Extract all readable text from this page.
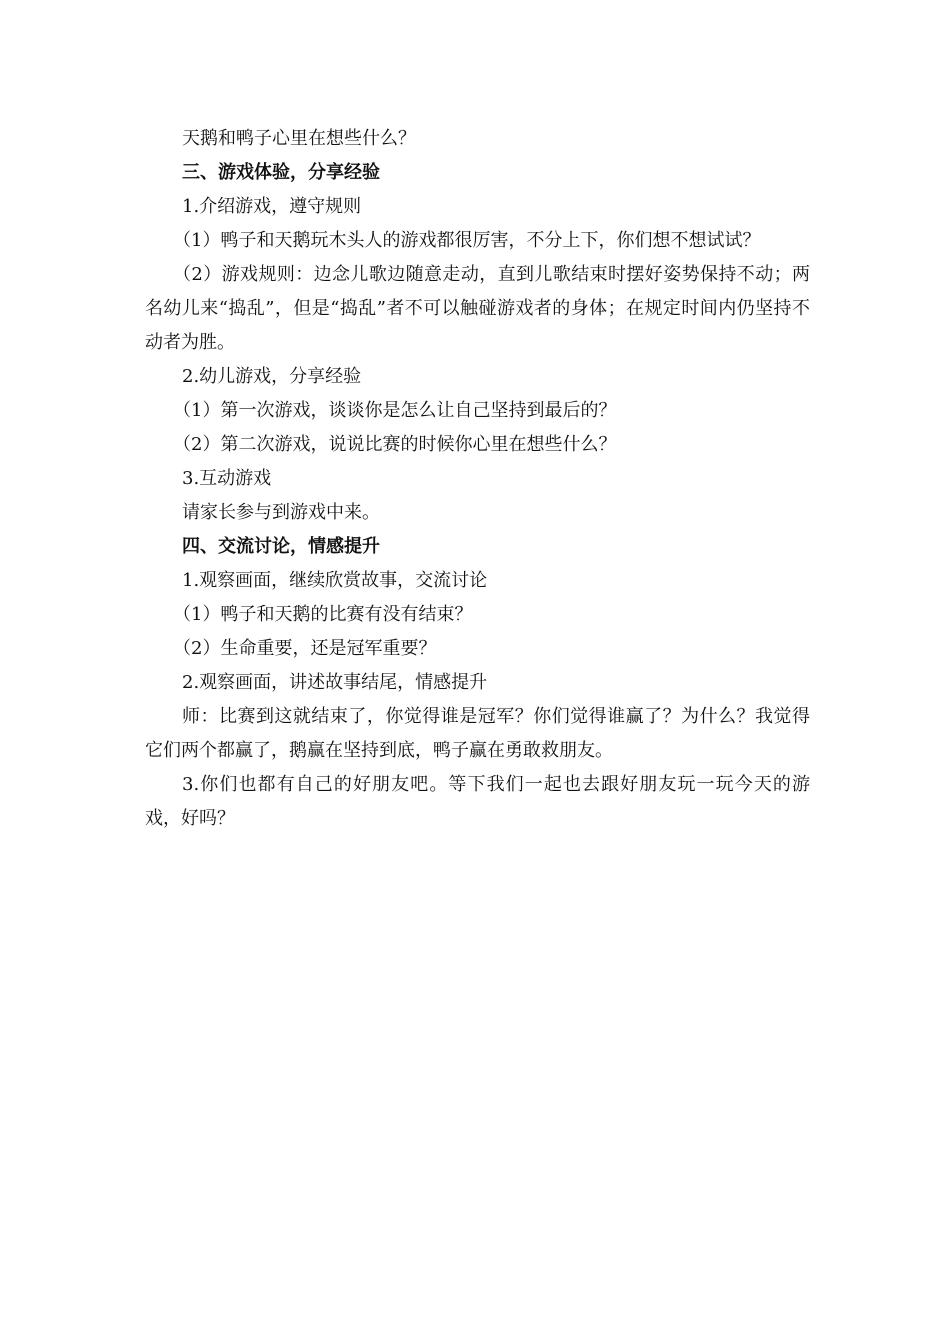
天鹅和鸭子心里在想些什么？

三、游戏体验，分享经验

1.介绍游戏，遵守规则

（1）鸭子和天鹅玩木头人的游戏都很厉害，不分上下，你们想不想试试？

（2）游戏规则：边念儿歌边随意走动，直到儿歌结束时摆好姿势保持不动；两名幼儿来“捣乱”，但是“捣乱”者不可以触碰游戏者的身体；在规定时间内仍坚持不动者为胜。

2.幼儿游戏，分享经验

（1）第一次游戏，谈谈你是怎么让自己坚持到最后的？

（2）第二次游戏，说说比赛的时候你心里在想些什么？

3.互动游戏

请家长参与到游戏中来。

四、交流讨论，情感提升

1.观察画面，继续欣赏故事，交流讨论

（1）鸭子和天鹅的比赛有没有结束？

（2）生命重要，还是冠军重要？

2.观察画面，讲述故事结尾，情感提升

师：比赛到这就结束了，你觉得谁是冠军？你们觉得谁赢了？为什么？我觉得它们两个都赢了，鹅赢在坚持到底，鸭子赢在勇敢救朋友。

3.你们也都有自己的好朋友吧。等下我们一起也去跟好朋友玩一玩今天的游戏，好吗？
